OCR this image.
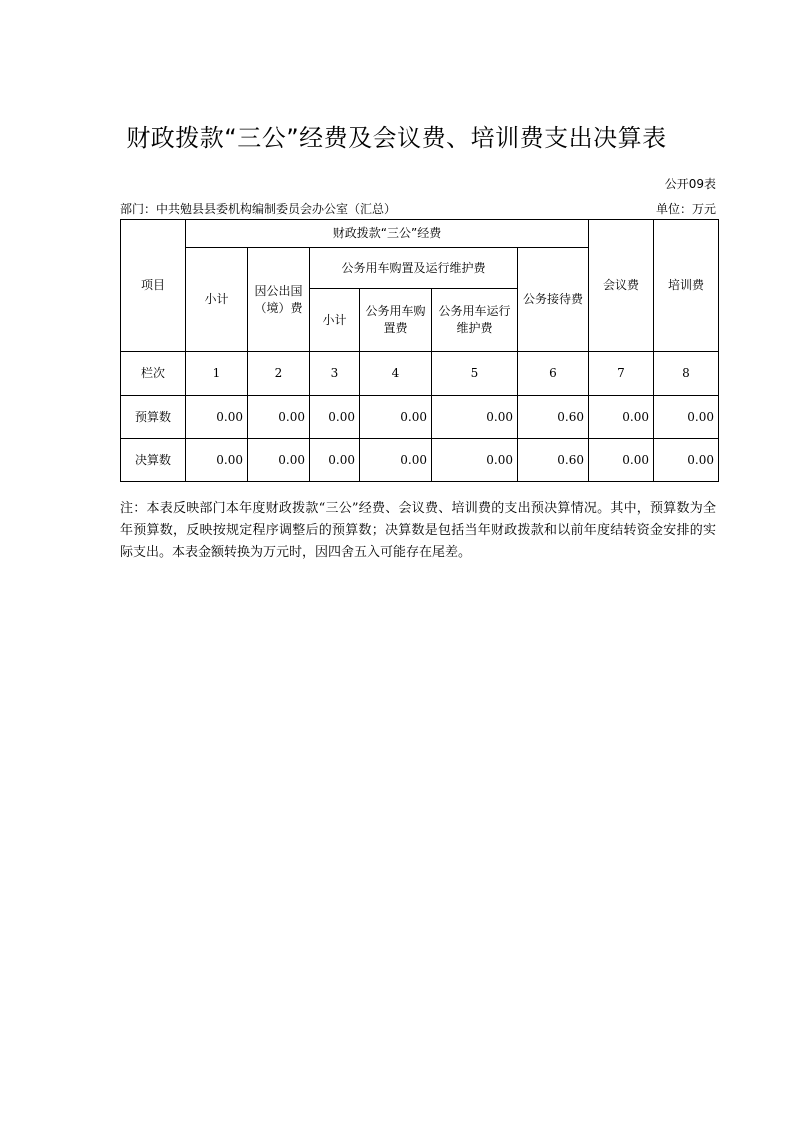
财政拨款“三公”经费及会议费、培训费支出决算表
公开09表
部门：中共勉县县委机构编制委员会办公室（汇总）	单位：万元
项目	财政拨款“三公”经费						会议费	培训费
	小计	因公出国（境）费	公务用车购置及运行维护费			公务接待费		
			小计	公务用车购置费	公务用车运行维护费			

栏次	1	2	3	4	5	6	7	8
预算数	0.00	0.00	0.00	0.00	0.00	0.60	0.00	0.00
决算数	0.00	0.00	0.00	0.00	0.00	0.60	0.00	0.00
注：本表反映部门本年度财政拨款“三公”经费、会议费、培训费的支出预决算情况。其中，预算数为全年预算数，反映按规定程序调整后的预算数；决算数是包括当年财政拨款和以前年度结转资金安排的实际支出。本表金额转换为万元时，因四舍五入可能存在尾差。
